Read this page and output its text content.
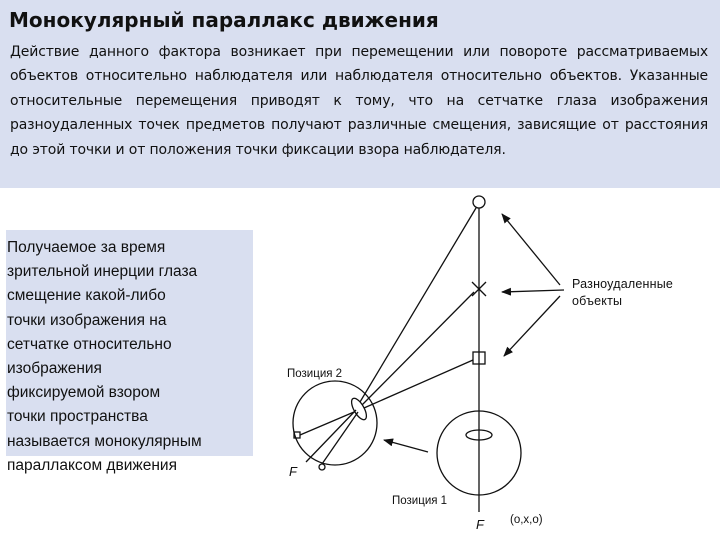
Монокулярный параллакс движения
Действие данного фактора возникает при перемещении или повороте рассматриваемых объектов относительно наблюдателя или наблюдателя относительно объектов. Указанные относительные перемещения приводят к тому, что на сетчатке глаза изображения разноудаленных точек предметов получают различные смещения, зависящие от расстояния до этой точки и от положения точки фиксации взора наблюдателя.
Получаемое за время
зрительной инерции глаза
смещение какой-либо
точки изображения на
сетчатке относительно
изображения
фиксируемой взором
точки пространства
называется монокулярным
параллаксом движения
Разноудаленные
объекты
Позиция 2
Позиция 1
F
F (o,x,o)
